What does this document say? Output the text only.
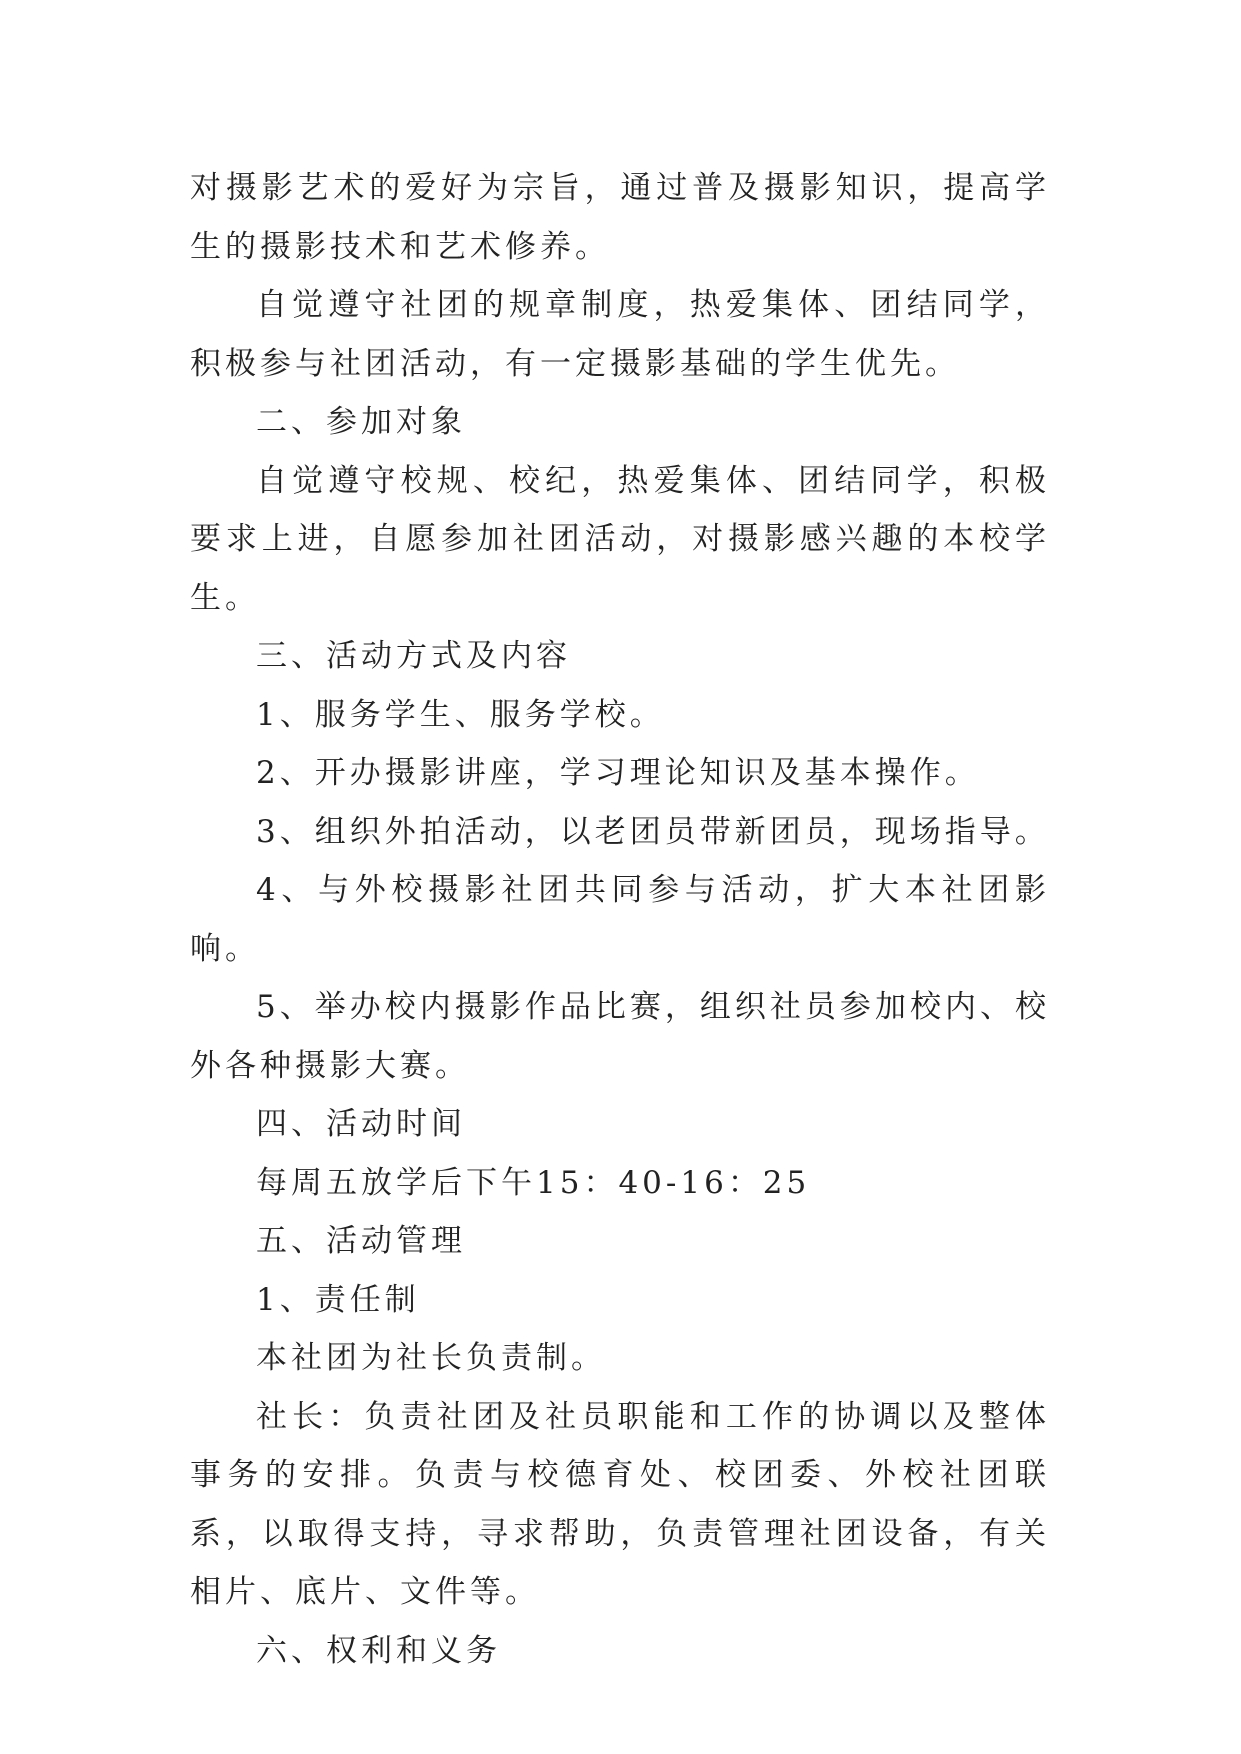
对摄影艺术的爱好为宗旨，通过普及摄影知识，提高学生的摄影技术和艺术修养。

自觉遵守社团的规章制度，热爱集体、团结同学，积极参与社团活动，有一定摄影基础的学生优先。

二、参加对象

自觉遵守校规、校纪，热爱集体、团结同学，积极要求上进，自愿参加社团活动，对摄影感兴趣的本校学生。

三、活动方式及内容

1、服务学生、服务学校。

2、开办摄影讲座，学习理论知识及基本操作。

3、组织外拍活动，以老团员带新团员，现场指导。

4、与外校摄影社团共同参与活动，扩大本社团影响。

5、举办校内摄影作品比赛，组织社员参加校内、校外各种摄影大赛。

四、活动时间

每周五放学后下午15：40-16：25

五、活动管理

1、责任制

本社团为社长负责制。

社长：负责社团及社员职能和工作的协调以及整体事务的安排。负责与校德育处、校团委、外校社团联系，以取得支持，寻求帮助，负责管理社团设备，有关相片、底片、文件等。

六、权利和义务
